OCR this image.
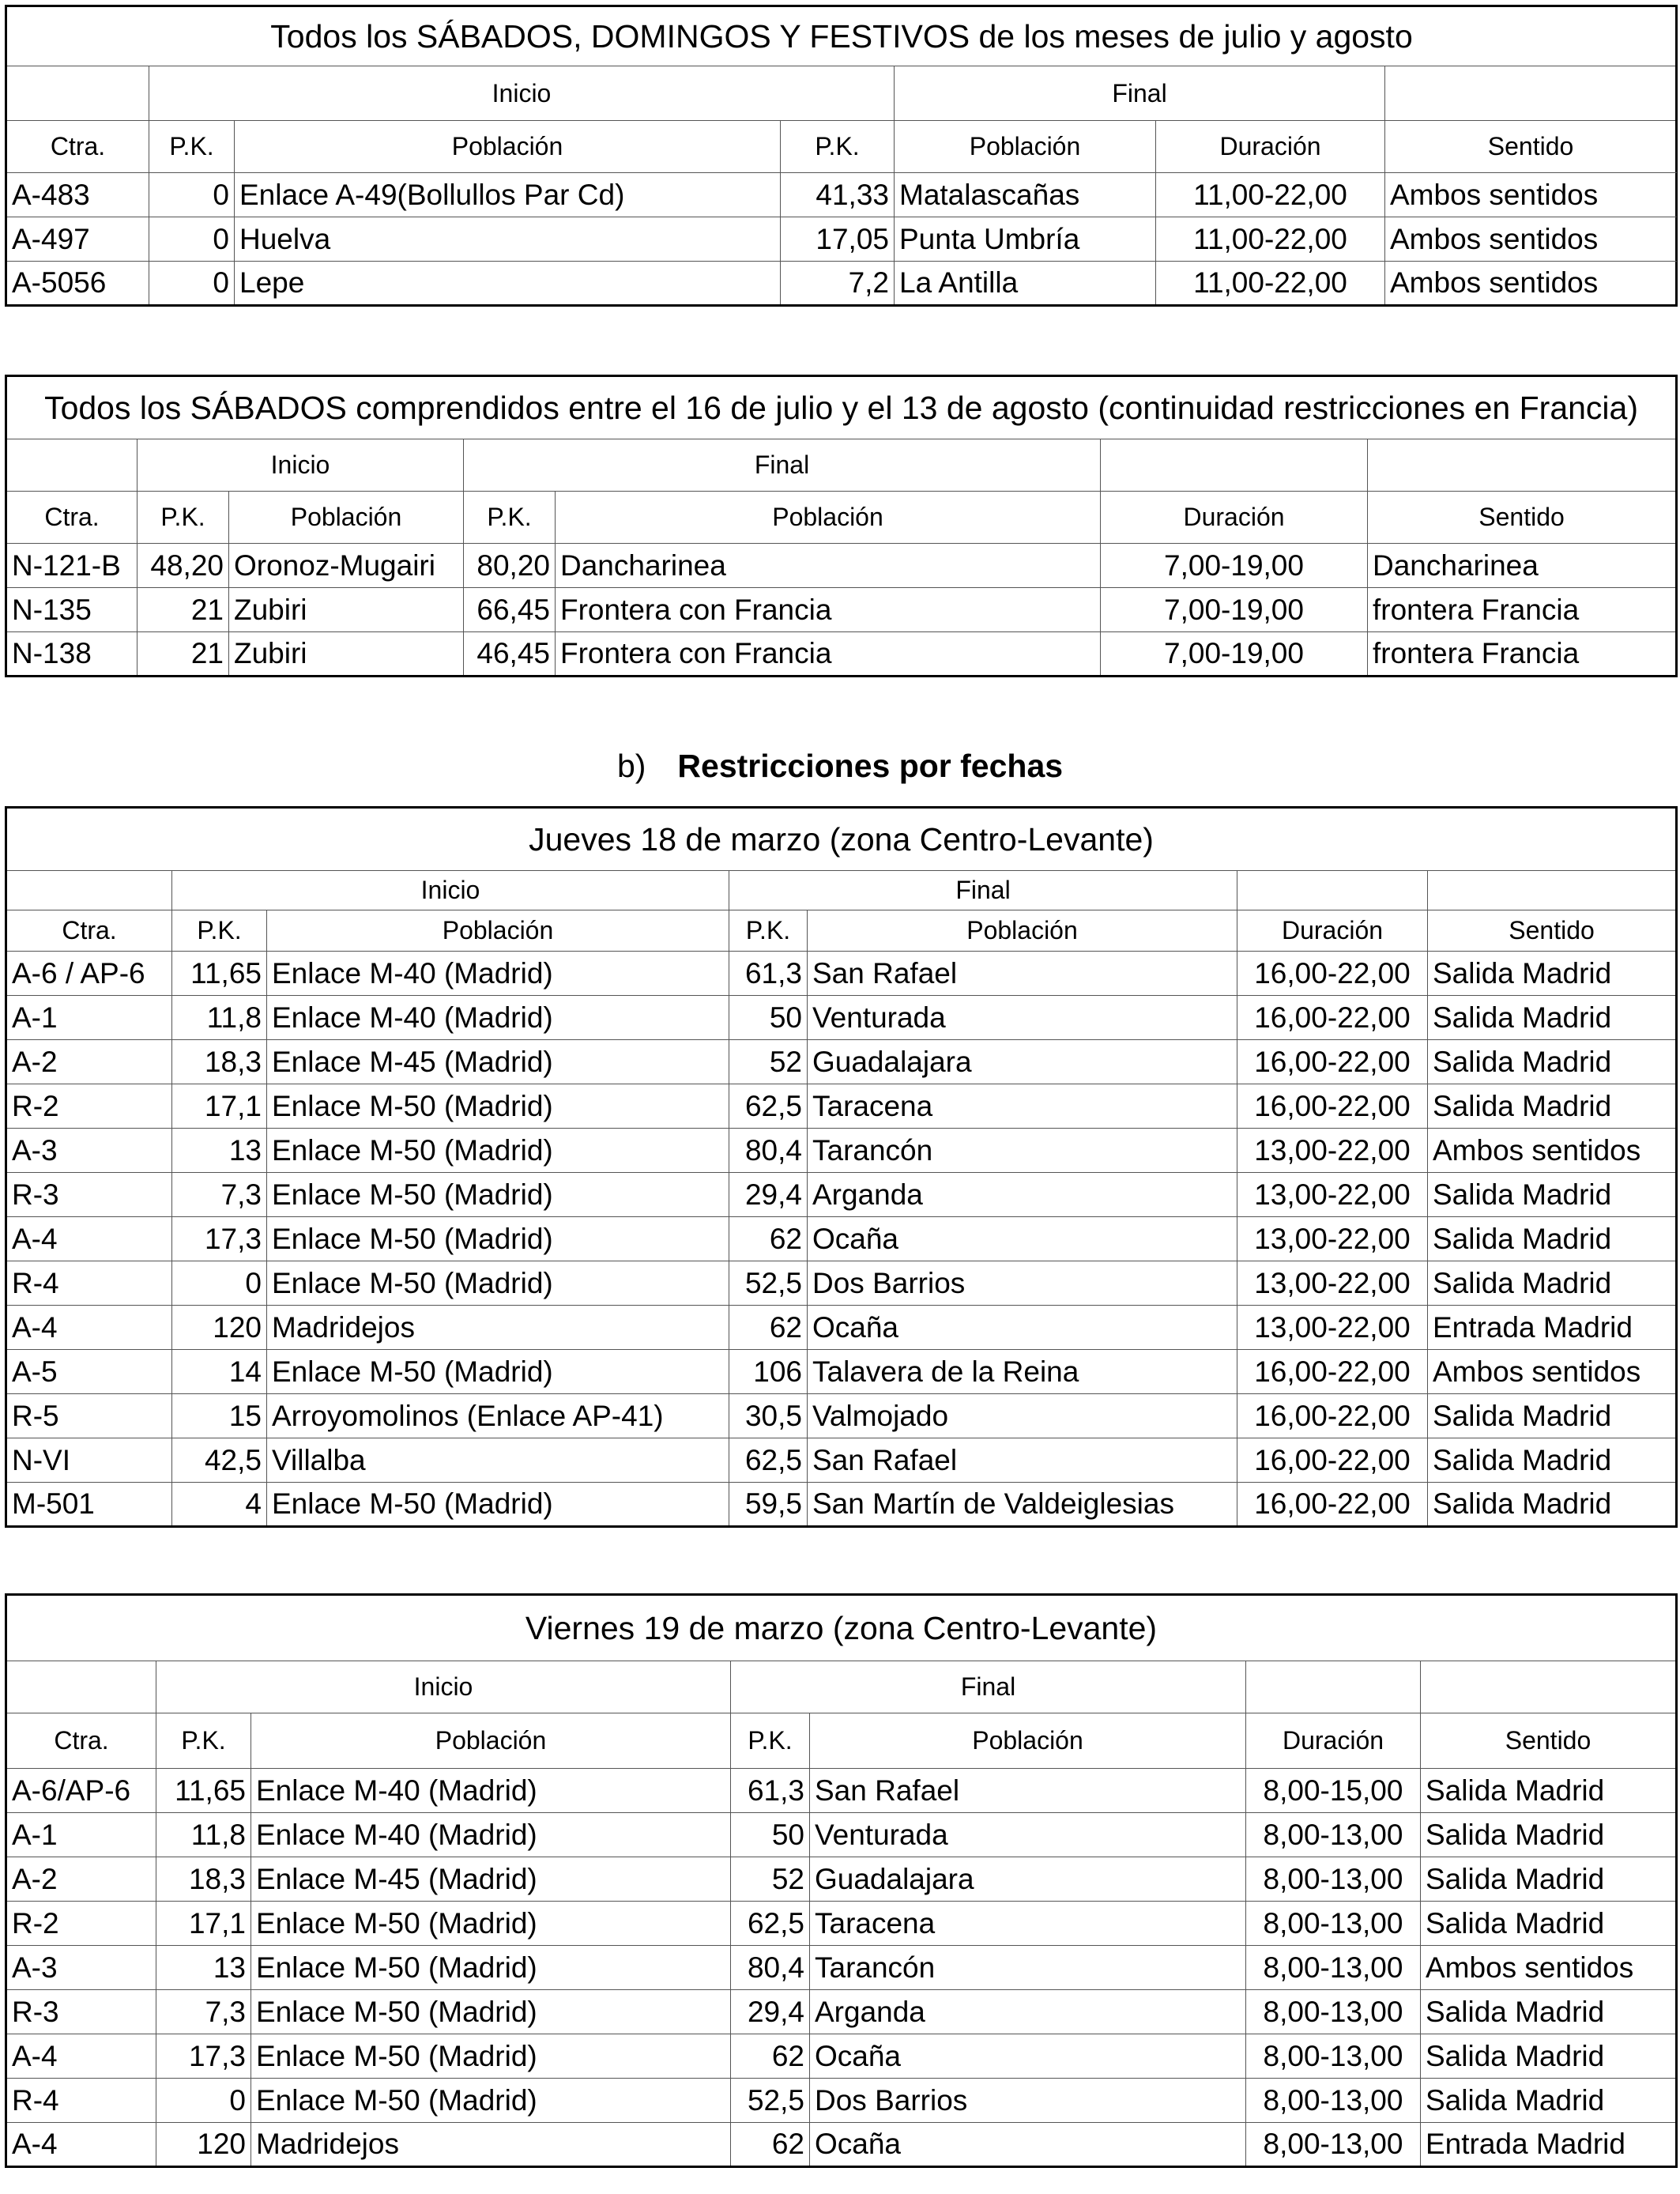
Todos los SÁBADOS, DOMINGOS Y FESTIVOS de los meses de julio y agosto							
	Inicio			Final			
Ctra.	P.K.	Población	P.K.	Población	Duración	Sentido	
A-483	0	Enlace A-49(Bollullos Par Cd)	41,33	Matalascañas	11,00-22,00	Ambos sentidos	
A-497	0	Huelva	17,05	Punta Umbría	11,00-22,00	Ambos sentidos	
A-5056	0	Lepe	7,2	La Antilla	11,00-22,00	Ambos sentidos	
Todos los SÁBADOS comprendidos entre el 16 de julio y el 13 de agosto (continuidad restricciones en Francia)						
	Inicio		Final			
Ctra.	P.K.	Población	P.K.	Población	Duración	Sentido
N-121-B	48,20	Oronoz-Mugairi	80,20	Dancharinea	7,00-19,00	Dancharinea
N-135	21	Zubiri	66,45	Frontera con Francia	7,00-19,00	frontera Francia
N-138	21	Zubiri	46,45	Frontera con Francia	7,00-19,00	frontera Francia
b) Restricciones por fechas
Jueves 18 de marzo (zona Centro-Levante)						
	Inicio		Final			
Ctra.	P.K.	Población	P.K.	Población	Duración	Sentido
A-6 / AP-6	11,65	Enlace M-40 (Madrid)	61,3	San Rafael	16,00-22,00	Salida Madrid
A-1	11,8	Enlace M-40 (Madrid)	50	Venturada	16,00-22,00	Salida Madrid
A-2	18,3	Enlace M-45 (Madrid)	52	Guadalajara	16,00-22,00	Salida Madrid
R-2	17,1	Enlace M-50 (Madrid)	62,5	Taracena	16,00-22,00	Salida Madrid
A-3	13	Enlace M-50 (Madrid)	80,4	Tarancón	13,00-22,00	Ambos sentidos
R-3	7,3	Enlace M-50 (Madrid)	29,4	Arganda	13,00-22,00	Salida Madrid
A-4	17,3	Enlace M-50 (Madrid)	62	Ocaña	13,00-22,00	Salida Madrid
R-4	0	Enlace M-50 (Madrid)	52,5	Dos Barrios	13,00-22,00	Salida Madrid
A-4	120	Madridejos	62	Ocaña	13,00-22,00	Entrada Madrid
A-5	14	Enlace M-50 (Madrid)	106	Talavera de la Reina	16,00-22,00	Ambos sentidos
R-5	15	Arroyomolinos (Enlace AP-41)	30,5	Valmojado	16,00-22,00	Salida Madrid
N-VI	42,5	Villalba	62,5	San Rafael	16,00-22,00	Salida Madrid
M-501	4	Enlace M-50 (Madrid)	59,5	San Martín de Valdeiglesias	16,00-22,00	Salida Madrid
Viernes 19 de marzo (zona Centro-Levante)						
	Inicio		Final			
Ctra.	P.K.	Población	P.K.	Población	Duración	Sentido
A-6/AP-6	11,65	Enlace M-40 (Madrid)	61,3	San Rafael	8,00-15,00	Salida Madrid
A-1	11,8	Enlace M-40 (Madrid)	50	Venturada	8,00-13,00	Salida Madrid
A-2	18,3	Enlace M-45 (Madrid)	52	Guadalajara	8,00-13,00	Salida Madrid
R-2	17,1	Enlace M-50 (Madrid)	62,5	Taracena	8,00-13,00	Salida Madrid
A-3	13	Enlace M-50 (Madrid)	80,4	Tarancón	8,00-13,00	Ambos sentidos
R-3	7,3	Enlace M-50 (Madrid)	29,4	Arganda	8,00-13,00	Salida Madrid
A-4	17,3	Enlace M-50 (Madrid)	62	Ocaña	8,00-13,00	Salida Madrid
R-4	0	Enlace M-50 (Madrid)	52,5	Dos Barrios	8,00-13,00	Salida Madrid
A-4	120	Madridejos	62	Ocaña	8,00-13,00	Entrada Madrid
